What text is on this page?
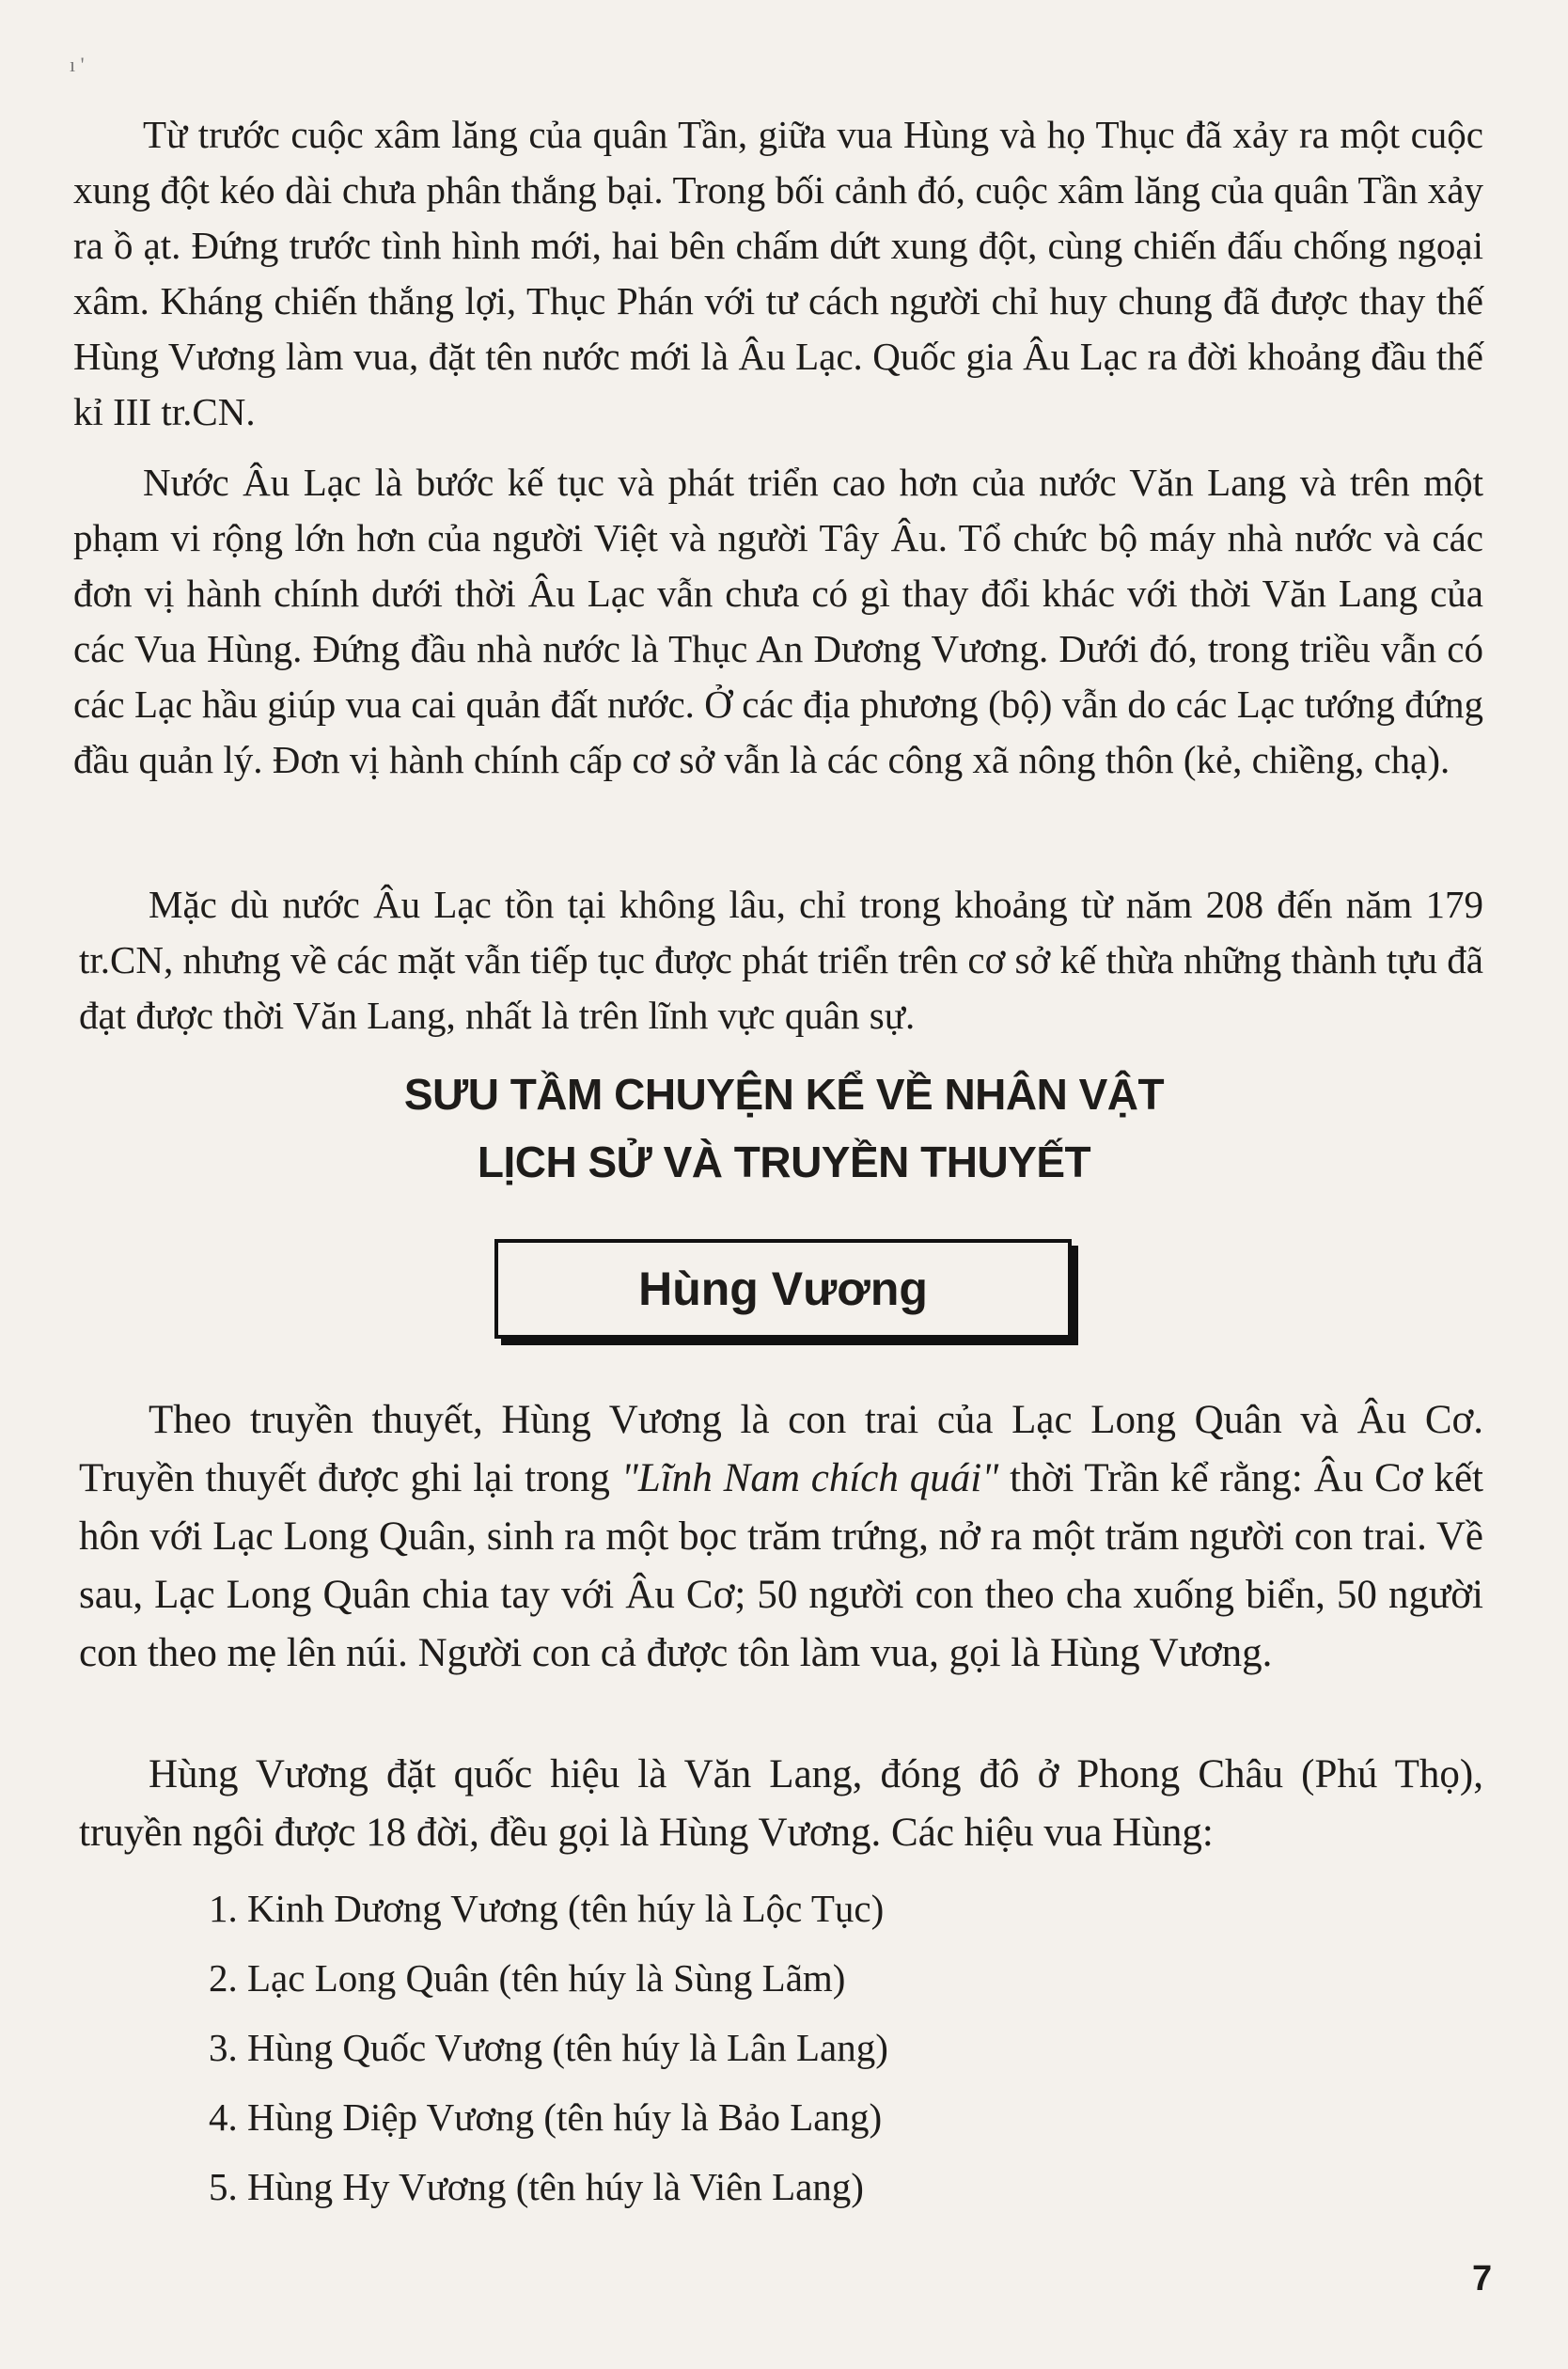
ı '
Từ trước cuộc xâm lăng của quân Tần, giữa vua Hùng và họ Thục đã xảy ra một cuộc xung đột kéo dài chưa phân thắng bại. Trong bối cảnh đó, cuộc xâm lăng của quân Tần xảy ra ồ ạt. Đứng trước tình hình mới, hai bên chấm dứt xung đột, cùng chiến đấu chống ngoại xâm. Kháng chiến thắng lợi, Thục Phán với tư cách người chỉ huy chung đã được thay thế Hùng Vương làm vua, đặt tên nước mới là Âu Lạc. Quốc gia Âu Lạc ra đời khoảng đầu thế kỉ III tr.CN.
Nước Âu Lạc là bước kế tục và phát triển cao hơn của nước Văn Lang và trên một phạm vi rộng lớn hơn của người Việt và người Tây Âu. Tổ chức bộ máy nhà nước và các đơn vị hành chính dưới thời Âu Lạc vẫn chưa có gì thay đổi khác với thời Văn Lang của các Vua Hùng. Đứng đầu nhà nước là Thục An Dương Vương. Dưới đó, trong triều vẫn có các Lạc hầu giúp vua cai quản đất nước. Ở các địa phương (bộ) vẫn do các Lạc tướng đứng đầu quản lý. Đơn vị hành chính cấp cơ sở vẫn là các công xã nông thôn (kẻ, chiềng, chạ).
Mặc dù nước Âu Lạc tồn tại không lâu, chỉ trong khoảng từ năm 208 đến năm 179 tr.CN, nhưng về các mặt vẫn tiếp tục được phát triển trên cơ sở kế thừa những thành tựu đã đạt được thời Văn Lang, nhất là trên lĩnh vực quân sự.
SƯU TẦM CHUYỆN KỂ VỀ NHÂN VẬT
LỊCH SỬ VÀ TRUYỀN THUYẾT
Hùng Vương
Theo truyền thuyết, Hùng Vương là con trai của Lạc Long Quân và Âu Cơ. Truyền thuyết được ghi lại trong "Lĩnh Nam chích quái" thời Trần kể rằng: Âu Cơ kết hôn với Lạc Long Quân, sinh ra một bọc trăm trứng, nở ra một trăm người con trai. Về sau, Lạc Long Quân chia tay với Âu Cơ; 50 người con theo cha xuống biển, 50 người con theo mẹ lên núi. Người con cả được tôn làm vua, gọi là Hùng Vương.
Hùng Vương đặt quốc hiệu là Văn Lang, đóng đô ở Phong Châu (Phú Thọ), truyền ngôi được 18 đời, đều gọi là Hùng Vương. Các hiệu vua Hùng:
1. Kinh Dương Vương (tên húy là Lộc Tục)
2. Lạc Long Quân (tên húy là Sùng Lãm)
3. Hùng Quốc Vương (tên húy là Lân Lang)
4. Hùng Diệp Vương (tên húy là Bảo Lang)
5. Hùng Hy Vương (tên húy là Viên Lang)
7
